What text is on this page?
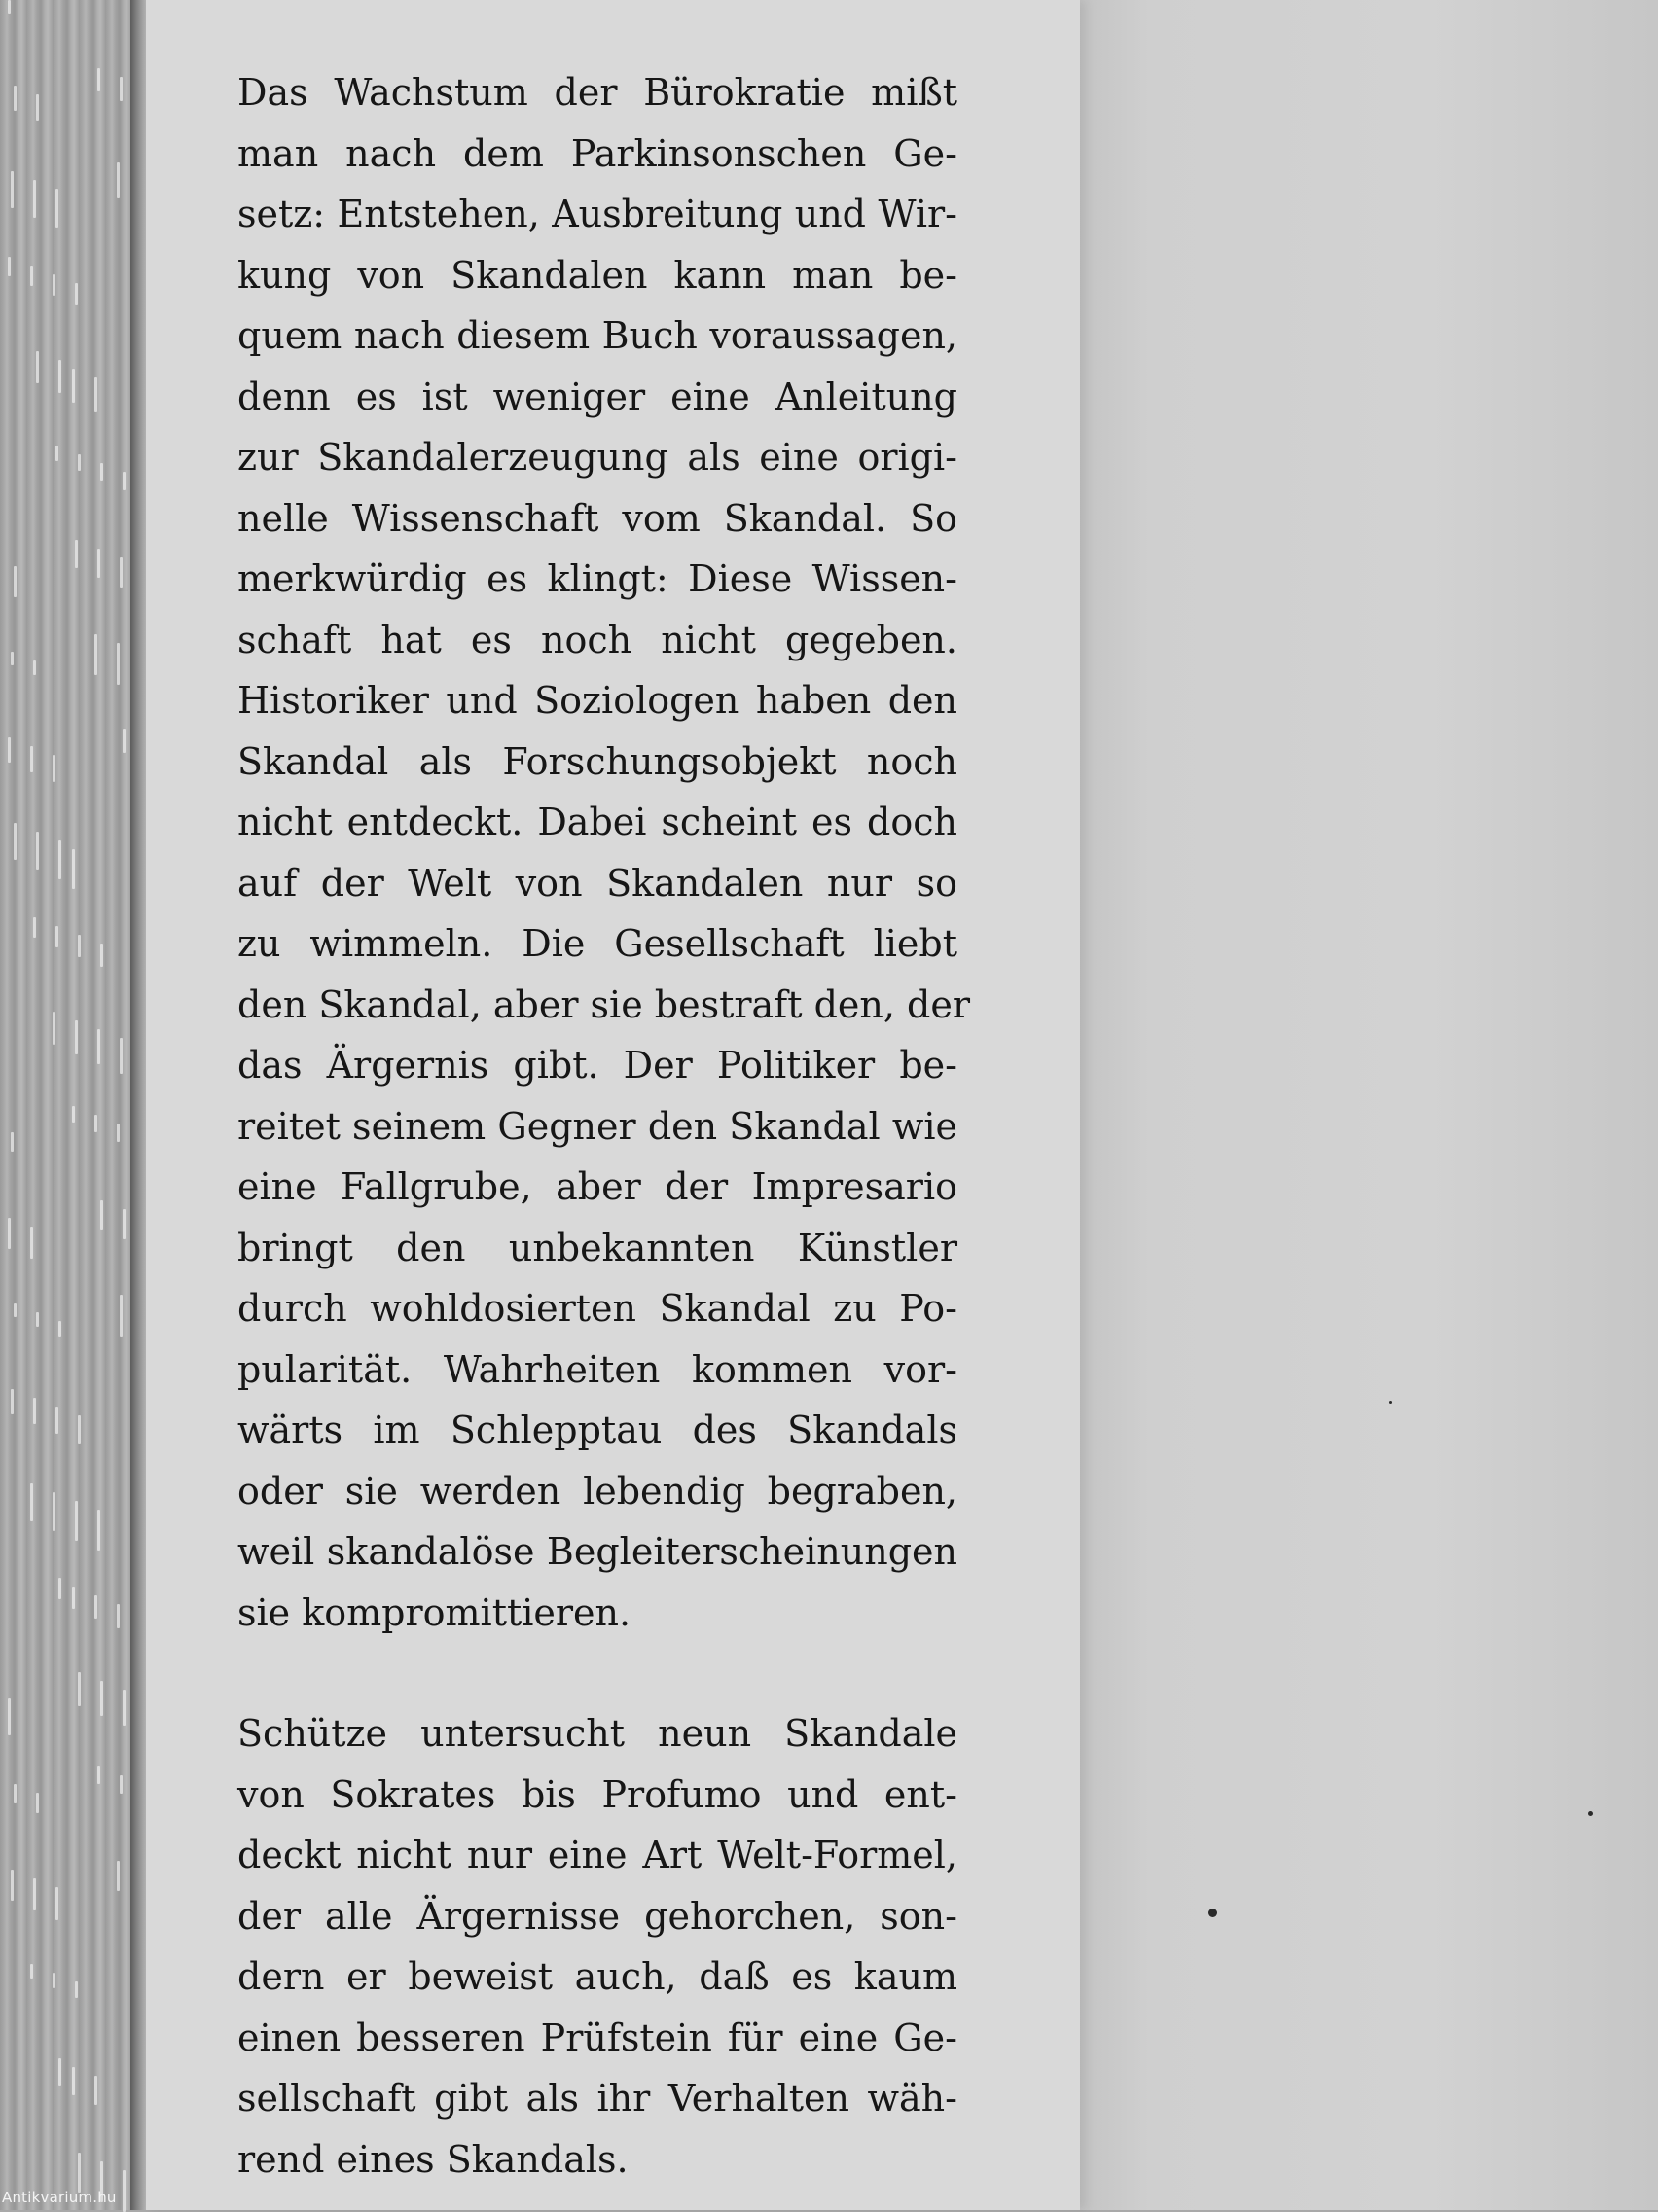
Das Wachstum der Bürokratie mißt
man nach dem Parkinsonschen Ge-
setz: Entstehen, Ausbreitung und Wir-
kung von Skandalen kann man be-
quem nach diesem Buch voraussagen,
denn es ist weniger eine Anleitung
zur Skandalerzeugung als eine origi-
nelle Wissenschaft vom Skandal. So
merkwürdig es klingt: Diese Wissen-
schaft hat es noch nicht gegeben.
Historiker und Soziologen haben den
Skandal als Forschungsobjekt noch
nicht entdeckt. Dabei scheint es doch
auf der Welt von Skandalen nur so
zu wimmeln. Die Gesellschaft liebt
den Skandal, aber sie bestraft den, der
das Ärgernis gibt. Der Politiker be-
reitet seinem Gegner den Skandal wie
eine Fallgrube, aber der Impresario
bringt den unbekannten Künstler
durch wohldosierten Skandal zu Po-
pularität. Wahrheiten kommen vor-
wärts im Schlepptau des Skandals
oder sie werden lebendig begraben,
weil skandalöse Begleiterscheinungen
sie kompromittieren.
Schütze untersucht neun Skandale
von Sokrates bis Profumo und ent-
deckt nicht nur eine Art Welt-Formel,
der alle Ärgernisse gehorchen, son-
dern er beweist auch, daß es kaum
einen besseren Prüfstein für eine Ge-
sellschaft gibt als ihr Verhalten wäh-
rend eines Skandals.
Antikvarium.hu
